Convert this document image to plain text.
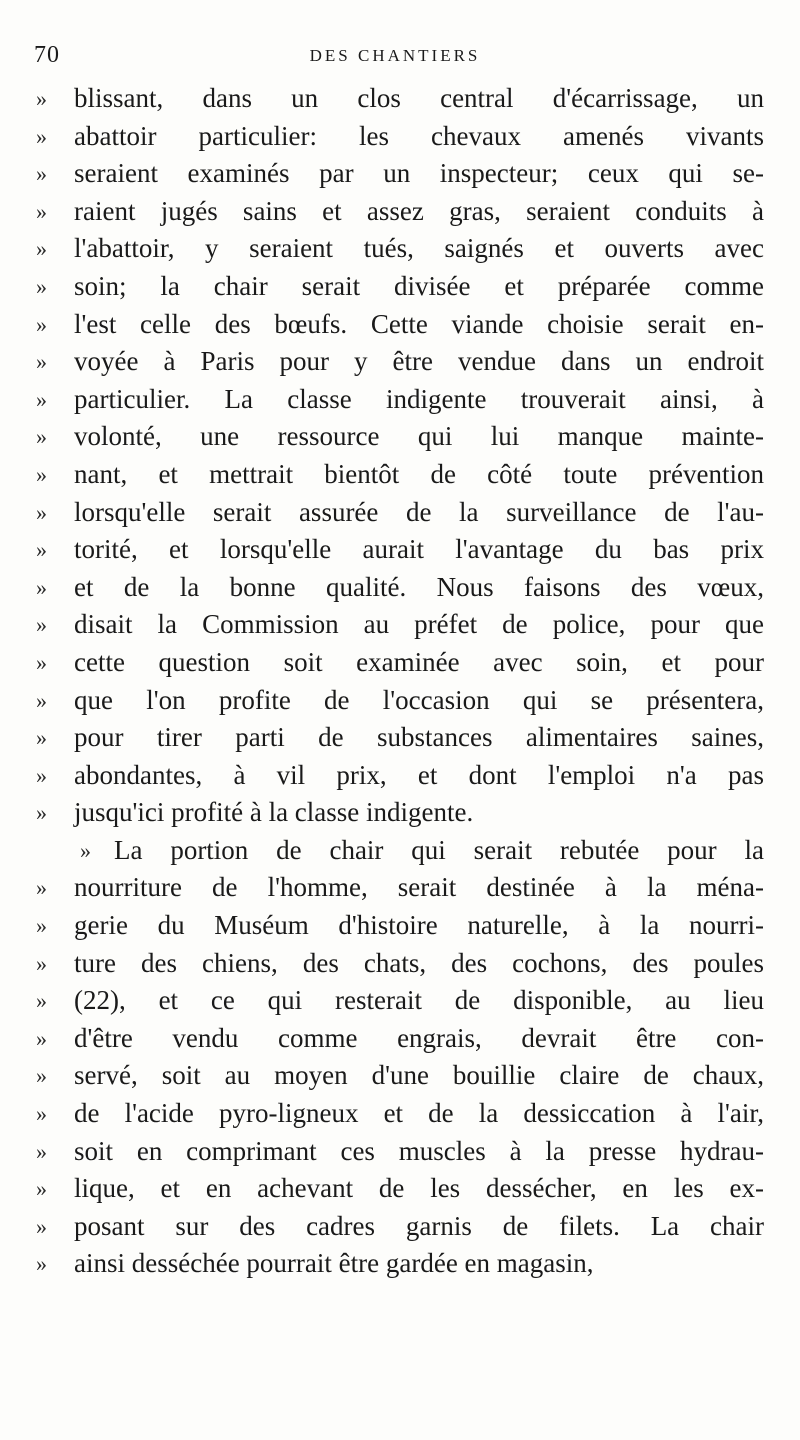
70	DES CHANTIERS
»	blissant, dans un clos central d'écarrissage, un
»	abattoir particulier: les chevaux amenés vivants
»	seraient examinés par un inspecteur; ceux qui se-
»	raient jugés sains et assez gras, seraient conduits à
»	l'abattoir, y seraient tués, saignés et ouverts avec
»	soin; la chair serait divisée et préparée comme
»	l'est celle des bœufs. Cette viande choisie serait en-
»	voyée à Paris pour y être vendue dans un endroit
»	particulier. La classe indigente trouverait ainsi, à
»	volonté, une ressource qui lui manque mainte-
»	nant, et mettrait bientôt de côté toute prévention
»	lorsqu'elle serait assurée de la surveillance de l'au-
»	torité, et lorsqu'elle aurait l'avantage du bas prix
»	et de la bonne qualité. Nous faisons des vœux,
»	disait la Commission au préfet de police, pour que
»	cette question soit examinée avec soin, et pour
»	que l'on profite de l'occasion qui se présentera,
»	pour tirer parti de substances alimentaires saines,
»	abondantes, à vil prix, et dont l'emploi n'a pas
»	jusqu'ici profité à la classe indigente.
» La portion de chair qui serait rebutée pour la
»	nourriture de l'homme, serait destinée à la ména-
»	gerie du Muséum d'histoire naturelle, à la nourri-
»	ture des chiens, des chats, des cochons, des poules
»	(22), et ce qui resterait de disponible, au lieu
»	d'être vendu comme engrais, devrait être con-
»	servé, soit au moyen d'une bouillie claire de chaux,
»	de l'acide pyro-ligneux et de la dessiccation à l'air,
»	soit en comprimant ces muscles à la presse hydrau-
»	lique, et en achevant de les dessécher, en les ex-
»	posant sur des cadres garnis de filets. La chair
»	ainsi desséchée pourrait être gardée en magasin,
